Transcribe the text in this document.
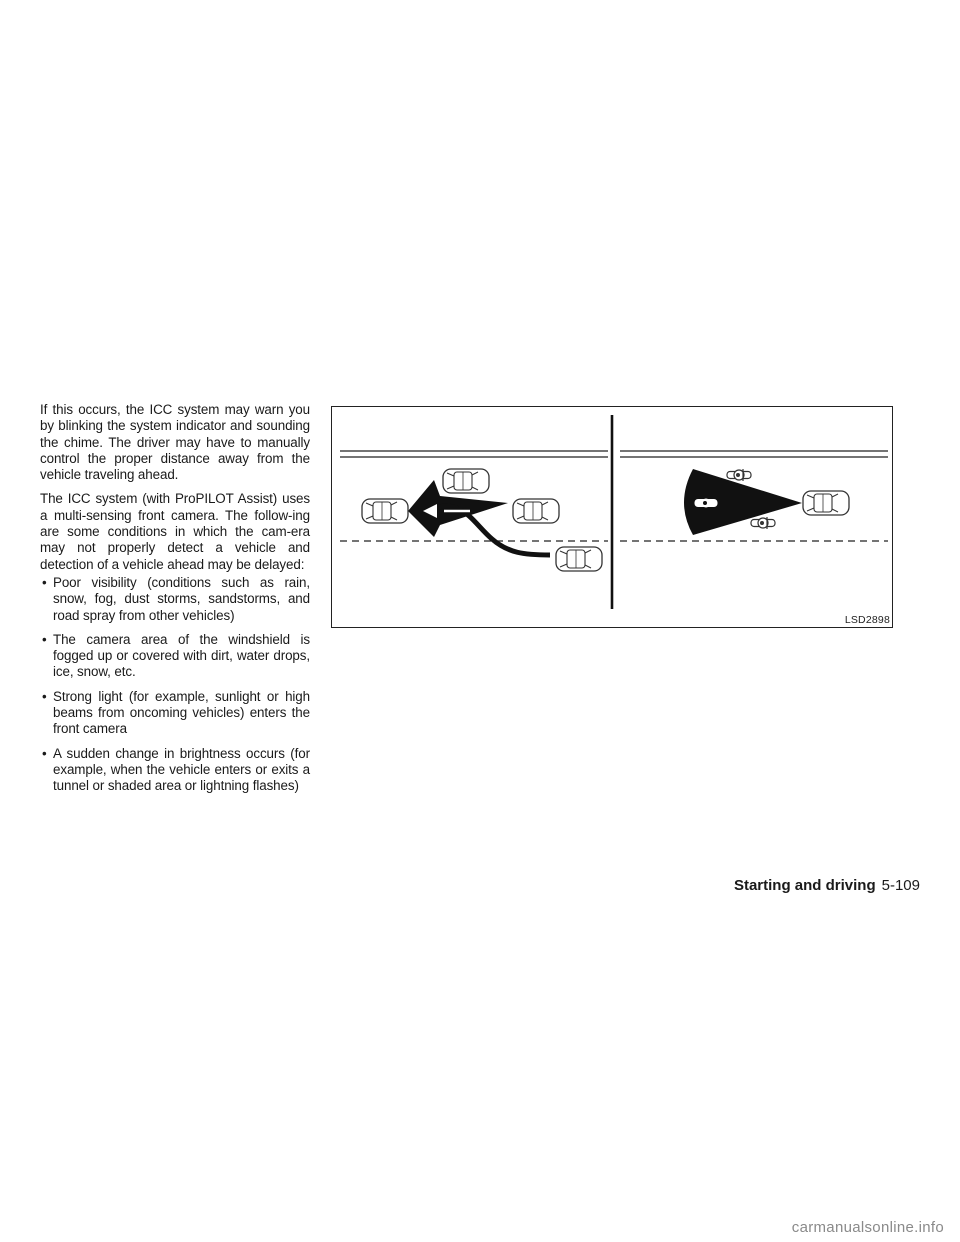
If this occurs, the ICC system may warn you by blinking the system indicator and sounding the chime. The driver may have to manually control the proper distance away from the vehicle traveling ahead.

The ICC system (with ProPILOT Assist) uses a multi-sensing front camera. The follow-ing are some conditions in which the cam-era may not properly detect a vehicle and detection of a vehicle ahead may be delayed:

• Poor visibility (conditions such as rain, snow, fog, dust storms, sandstorms, and road spray from other vehicles)
• The camera area of the windshield is fogged up or covered with dirt, water drops, ice, snow, etc.
• Strong light (for example, sunlight or high beams from oncoming vehicles) enters the front camera
• A sudden change in brightness occurs (for example, when the vehicle enters or exits a tunnel or shaded area or lightning flashes)
LSD2898
Starting and driving 5-109
carmanualsonline.info
